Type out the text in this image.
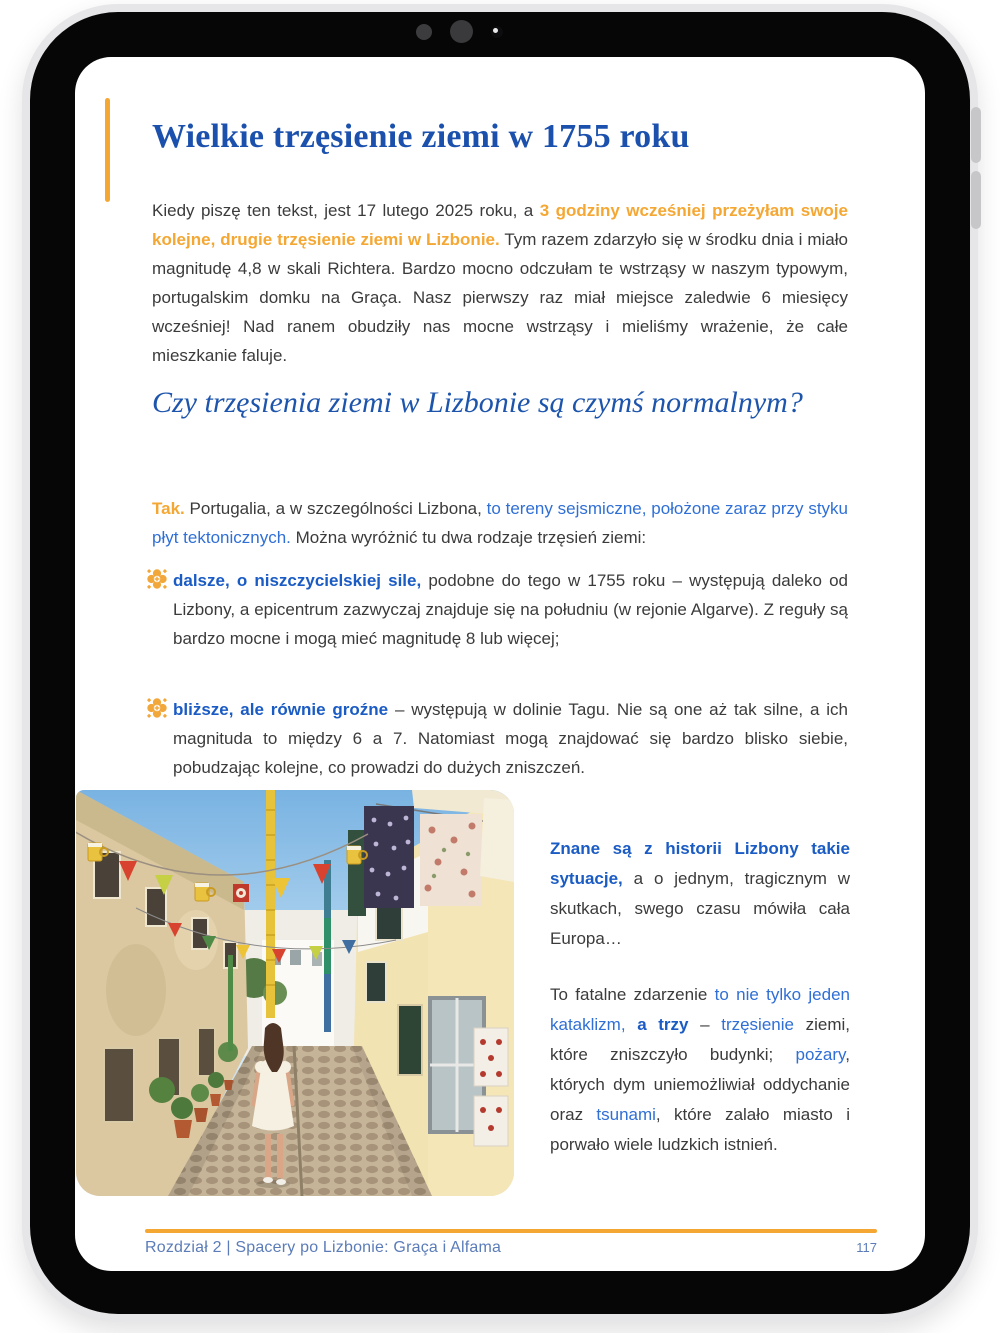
Wielkie trzęsienie ziemi w 1755 roku

Kiedy piszę ten tekst, jest 17 lutego 2025 roku, a 3 godziny wcześniej przeżyłam swoje kolejne, drugie trzęsienie ziemi w Lizbonie. Tym razem zdarzyło się w środku dnia i miało magnitudę 4,8 w skali Richtera. Bardzo mocno odczułam te wstrząsy w naszym typowym, portugalskim domku na Graça. Nasz pierwszy raz miał miejsce zaledwie 6 miesięcy wcześniej! Nad ranem obudziły nas mocne wstrząsy i mieliśmy wrażenie, że całe mieszkanie faluje.

Czy trzęsienia ziemi w Lizbonie są czymś normalnym?

Tak. Portugalia, a w szczególności Lizbona, to tereny sejsmiczne, położone zaraz przy styku płyt tektonicznych. Można wyróżnić tu dwa rodzaje trzęsień ziemi:

dalsze, o niszczycielskiej sile, podobne do tego w 1755 roku – występują daleko od Lizbony, a epicentrum zazwyczaj znajduje się na południu (w rejonie Algarve). Z reguły są bardzo mocne i mogą mieć magnitudę 8 lub więcej;

bliższe, ale równie groźne – występują w dolinie Tagu. Nie są one aż tak silne, a ich magnituda to między 6 a 7. Natomiast mogą znajdować się bardzo blisko siebie, pobudzając kolejne, co prowadzi do dużych zniszczeń.

Znane są z historii Lizbony takie sytuacje, a o jednym, tragicznym w skutkach, swego czasu mówiła cała Europa…

To fatalne zdarzenie to nie tylko jeden kataklizm, a trzy – trzęsienie ziemi, które zniszczyło budynki; pożary, których dym uniemożliwiał oddychanie oraz tsunami, które zalało miasto i porwało wiele ludzkich istnień.

Rozdział 2 | Spacery po Lizbonie: Graça i Alfama	117
